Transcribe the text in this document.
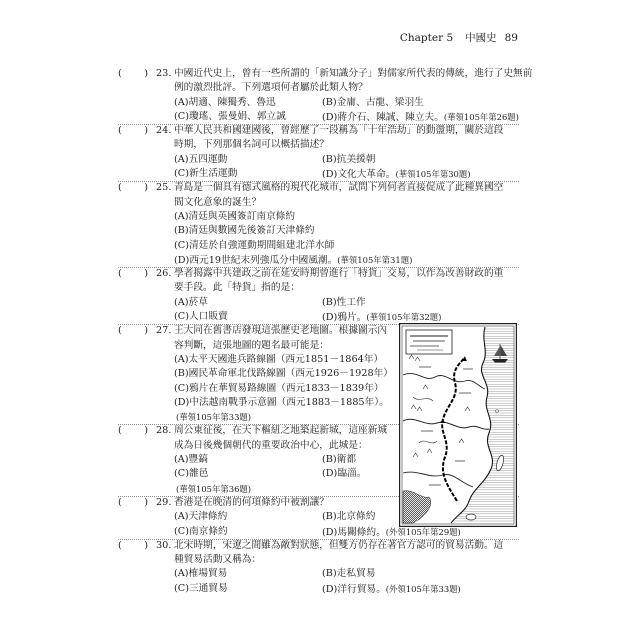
Chapter 5 中國史 89
(　　 ) 23. 中國近代史上，曾有一些所謂的「新知識分子」對儒家所代表的傳統，進行了史無前
例的激烈批評。下列選項何者屬於此類人物？
(A)胡適、陳獨秀、魯迅	(B)金庸、古龍、梁羽生
(C)瓊瑤、張曼娟、郭立誠	(D)蔣介石、陳誠、陳立夫。(華領105年第26題)
(　　 ) 24. 中華人民共和國建國後，曾經歷了一段稱為「十年浩劫」的動盪期，關於這段
時期，下列那個名詞可以概括描述？
(A)五四運動	(B)抗美援朝
(C)新生活運動	(D)文化大革命。(華領105年第30題)
(　　 ) 25. 青島是一個具有德式風格的現代化城市，試問下列何者直接促成了此種異國空
間文化意象的誕生？
(A)清廷與英國簽訂南京條約
(B)清廷與數國先後簽訂天津條約
(C)清廷於自強運動期間組建北洋水師
(D)西元19世紀末列強瓜分中國風潮。(華領105年第31題)
(　　 ) 26. 學者揭露中共建政之前在延安時期曾進行「特貨」交易，以作為改善財政的重
要手段。此「特貨」指的是：
(A)菸草	(B)性工作
(C)人口販賣	(D)鴉片。(華領105年第32題)
(　　 ) 27. 王大同在舊書店發現這張歷史老地圖。根據圖示內
容判斷，這張地圖的題名最可能是：
(A)太平天國進兵路線圖（西元1851－1864年）
(B)國民革命軍北伐路線圖（西元1926－1928年）
(C)鴉片在華貿易路線圖（西元1833－1839年）
(D)中法越南戰爭示意圖（西元1883－1885年）。
(華領105年第33題)
(　　 ) 28. 周公東征後，在天下樞紐之地築起新城，這座新城
成為日後幾個朝代的重要政治中心，此城是：
(A)豐鎬	(B)衛都
(C)雒邑	(D)臨淄。
(華領105年第36題)
(　　 ) 29. 香港是在晚清的何項條約中被割讓？
(A)天津條約	(B)北京條約
(C)南京條約	(D)馬關條約。(外領105年第29題)
(　　 ) 30. 北宋時期，宋遼之間雖為敵對狀態，但雙方仍存在著官方認可的貿易活動。這
種貿易活動又稱為：
(A)榷場貿易	(B)走私貿易
(C)三通貿易	(D)洋行貿易。(外領105年第33題)
